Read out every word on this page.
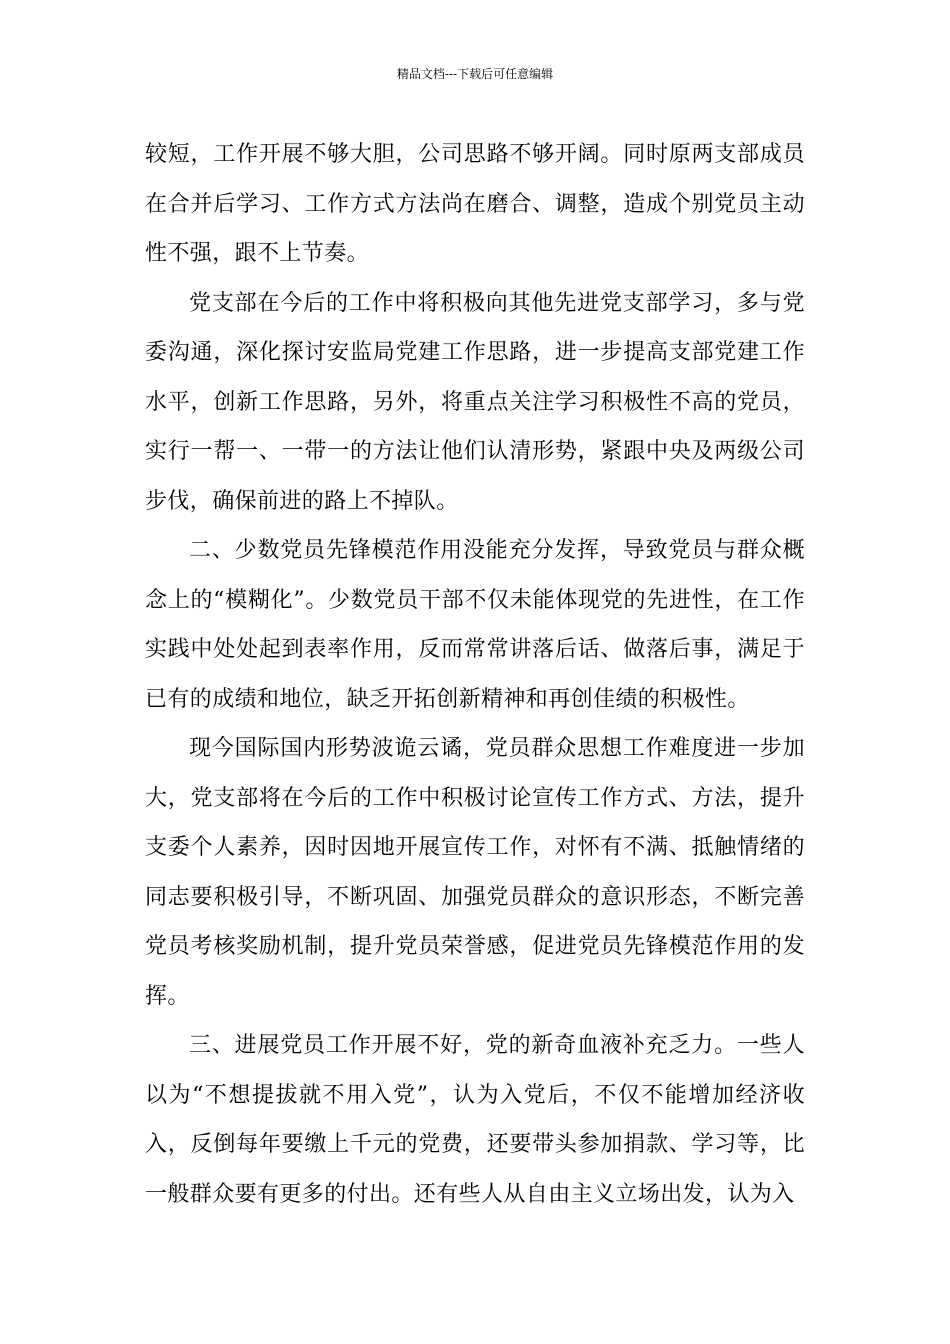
精品文档---下载后可任意编辑

较短，工作开展不够大胆，公司思路不够开阔。同时原两支部成员在合并后学习、工作方式方法尚在磨合、调整，造成个别党员主动性不强，跟不上节奏。

党支部在今后的工作中将积极向其他先进党支部学习，多与党委沟通，深化探讨安监局党建工作思路，进一步提高支部党建工作水平，创新工作思路，另外，将重点关注学习积极性不高的党员，实行一帮一、一带一的方法让他们认清形势，紧跟中央及两级公司步伐，确保前进的路上不掉队。

二、少数党员先锋模范作用没能充分发挥，导致党员与群众概念上的“模糊化”。少数党员干部不仅未能体现党的先进性，在工作实践中处处起到表率作用，反而常常讲落后话、做落后事，满足于已有的成绩和地位，缺乏开拓创新精神和再创佳绩的积极性。

现今国际国内形势波诡云谲，党员群众思想工作难度进一步加大，党支部将在今后的工作中积极讨论宣传工作方式、方法，提升支委个人素养，因时因地开展宣传工作，对怀有不满、抵触情绪的同志要积极引导，不断巩固、加强党员群众的意识形态，不断完善党员考核奖励机制，提升党员荣誉感，促进党员先锋模范作用的发挥。

三、进展党员工作开展不好，党的新奇血液补充乏力。一些人以为“不想提拔就不用入党”，认为入党后，不仅不能增加经济收入，反倒每年要缴上千元的党费，还要带头参加捐款、学习等，比一般群众要有更多的付出。还有些人从自由主义立场出发，认为入
